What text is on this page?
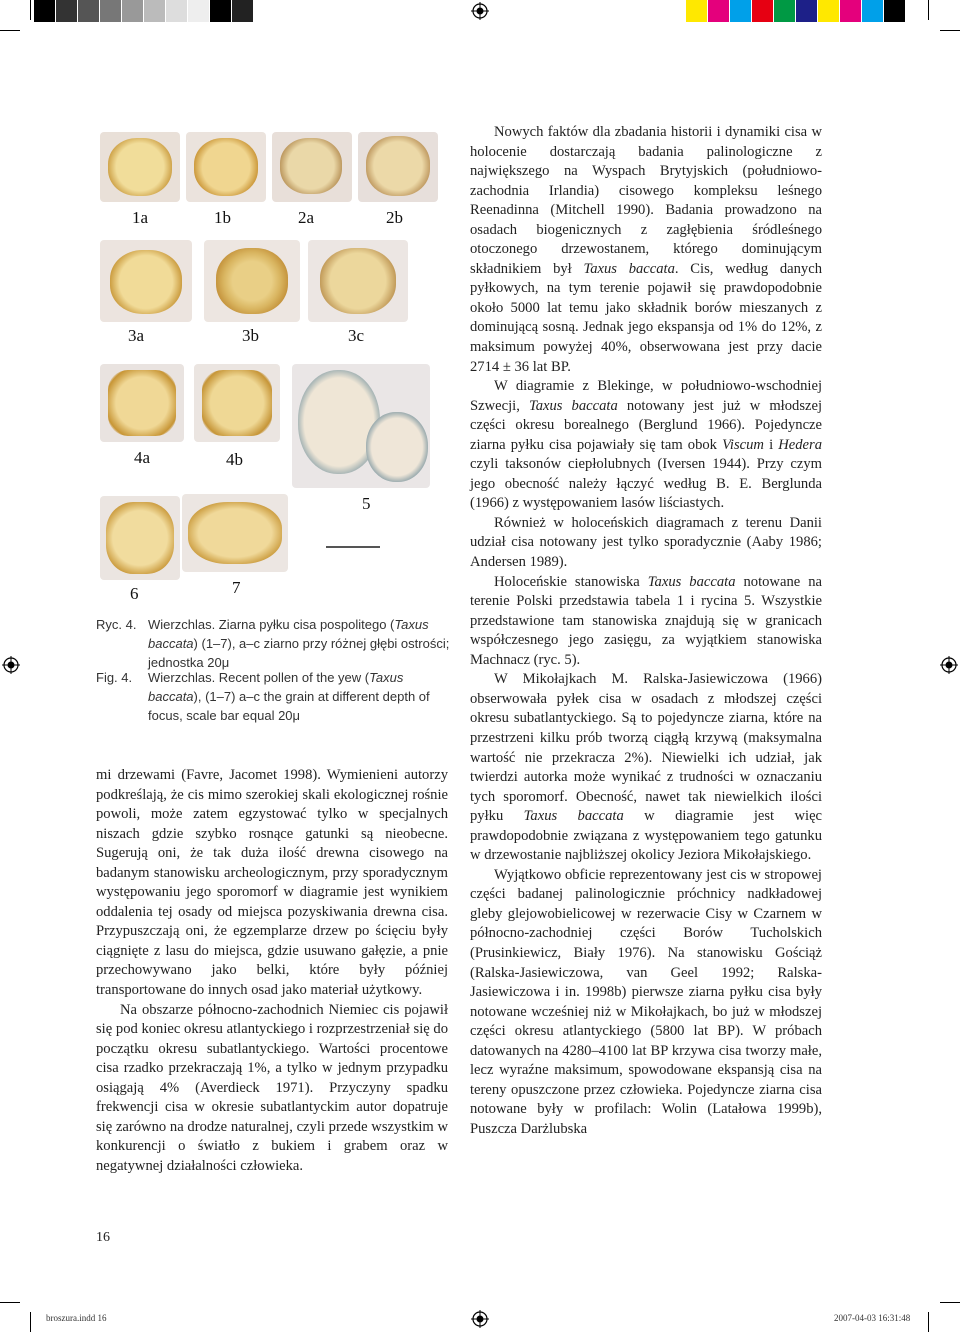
1a	1b	2a	2b
3a	3b	3c
4a	4b
5
6	7
Ryc. 4. Wierzchlas. Ziarna pyłku cisa pospolitego (Taxus baccata) (1–7), a–c ziarno przy różnej głębi ostrości; jednostka 20μ
Fig. 4. Wierzchlas. Recent pollen of the yew (Taxus baccata), (1–7) a–c the grain at different depth of focus, scale bar equal 20μ

mi drzewami (Favre, Jacomet 1998). Wymienieni autorzy podkreślają, że cis mimo szerokiej skali ekologicznej rośnie powoli, może zatem egzystować tylko w specjalnych niszach gdzie szybko rosnące gatunki są nieobecne. Sugerują oni, że tak duża ilość drewna cisowego na badanym stanowisku archeologicznym, przy sporadycznym występowaniu jego sporomorf w diagramie jest wynikiem oddalenia tej osady od miejsca pozyskiwania drewna cisa. Przypuszczają oni, że egzemplarze drzew po ścięciu były ciągnięte z lasu do miejsca, gdzie usuwano gałęzie, a pnie przechowywano jako belki, które były później transportowane do innych osad jako materiał użytkowy.

Na obszarze północno-zachodnich Niemiec cis pojawił się pod koniec okresu atlantyckiego i rozprzestrzeniał się do początku okresu subatlantyckiego. Wartości procentowe cisa rzadko przekraczają 1%, a tylko w jednym przypadku osiągają 4% (Averdieck 1971). Przyczyny spadku frekwencji cisa w okresie subatlantyckim autor dopatruje się zarówno na drodze naturalnej, czyli przede wszystkim w konkurencji o światło z bukiem i grabem oraz w negatywnej działalności człowieka.

Nowych faktów dla zbadania historii i dynamiki cisa w holocenie dostarczają badania palinologiczne z największego na Wyspach Brytyjskich (południowo-zachodnia Irlandia) cisowego kompleksu leśnego Reenadinna (Mitchell 1990). Badania prowadzono na osadach biogenicznych z zagłębienia śródleśnego otoczonego drzewostanem, którego dominującym składnikiem był Taxus baccata. Cis, według danych pyłkowych, na tym terenie pojawił się prawdopodobnie około 5000 lat temu jako składnik borów mieszanych z dominującą sosną. Jednak jego ekspansja od 1% do 12%, z maksimum powyżej 40%, obserwowana jest przy dacie 2714 ± 36 lat BP.

W diagramie z Blekinge, w południowo-wschodniej Szwecji, Taxus baccata notowany jest już w młodszej części okresu borealnego (Berglund 1966). Pojedyncze ziarna pyłku cisa pojawiały się tam obok Viscum i Hedera czyli taksonów ciepłolubnych (Iversen 1944). Przy czym jego obecność należy łączyć według B. E. Berglunda (1966) z występowaniem lasów liściastych.

Również w holoceńskich diagramach z terenu Danii udział cisa notowany jest tylko sporadycznie (Aaby 1986; Andersen 1989).

Holoceńskie stanowiska Taxus baccata notowane na terenie Polski przedstawia tabela 1 i rycina 5. Wszystkie przedstawione tam stanowiska znajdują się w granicach współczesnego jego zasięgu, za wyjątkiem stanowiska Machnacz (ryc. 5).

W Mikołajkach M. Ralska-Jasiewiczowa (1966) obserwowała pyłek cisa w osadach z młodszej części okresu subatlantyckiego. Są to pojedyncze ziarna, które na przestrzeni kilku prób tworzą ciągłą krzywą (maksymalna wartość nie przekracza 2%). Niewielki ich udział, jak twierdzi autorka może wynikać z trudności w oznaczaniu tych sporomorf. Obecność, nawet tak niewielkich ilości pyłku Taxus baccata w diagramie jest więc prawdopodobnie związana z występowaniem tego gatunku w drzewostanie najbliższej okolicy Jeziora Mikołajskiego.

Wyjątkowo obficie reprezentowany jest cis w stropowej części badanej palinologicznie próchnicy nadkładowej gleby glejowobielicowej w rezerwacie Cisy w Czarnem w północno-zachodniej części Borów Tucholskich (Prusinkiewicz, Biały 1976). Na stanowisku Gościąż (Ralska-Jasiewiczowa, van Geel 1992; Ralska-Jasiewiczowa i in. 1998b) pierwsze ziarna pyłku cisa były notowane wcześniej niż w Mikołajkach, bo już w młodszej części okresu atlantyckiego (5800 lat BP). W próbach datowanych na 4280–4100 lat BP krzywa cisa tworzy małe, lecz wyraźne maksimum, spowodowane ekspansją cisa na tereny opuszczone przez człowieka. Pojedyncze ziarna cisa notowane były w profilach: Wolin (Latałowa 1999b), Puszcza Darżlubska

16
broszura.indd 16	2007-04-03 16:31:48
